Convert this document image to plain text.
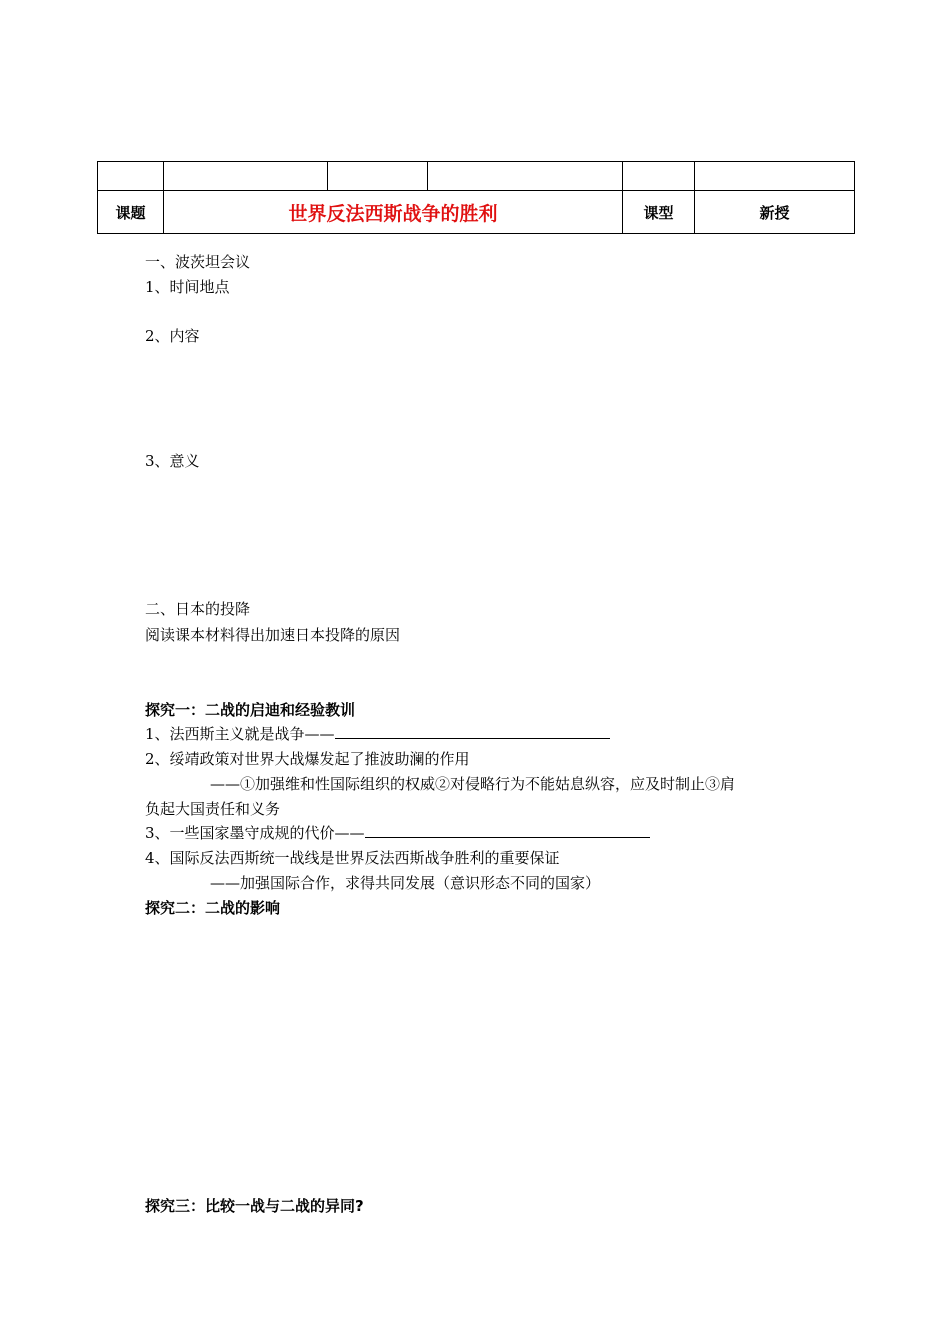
课题	世界反法西斯战争的胜利			课型	新授
一、波茨坦会议
1、时间地点
2、内容
3、意义
二、日本的投降
阅读课本材料得出加速日本投降的原因
探究一：二战的启迪和经验教训
1、法西斯主义就是战争——
2、绥靖政策对世界大战爆发起了推波助澜的作用
——①加强维和性国际组织的权威②对侵略行为不能姑息纵容，应及时制止③肩
负起大国责任和义务
3、一些国家墨守成规的代价——
4、国际反法西斯统一战线是世界反法西斯战争胜利的重要保证
——加强国际合作，求得共同发展（意识形态不同的国家）
探究二：二战的影响
探究三：比较一战与二战的异同?
